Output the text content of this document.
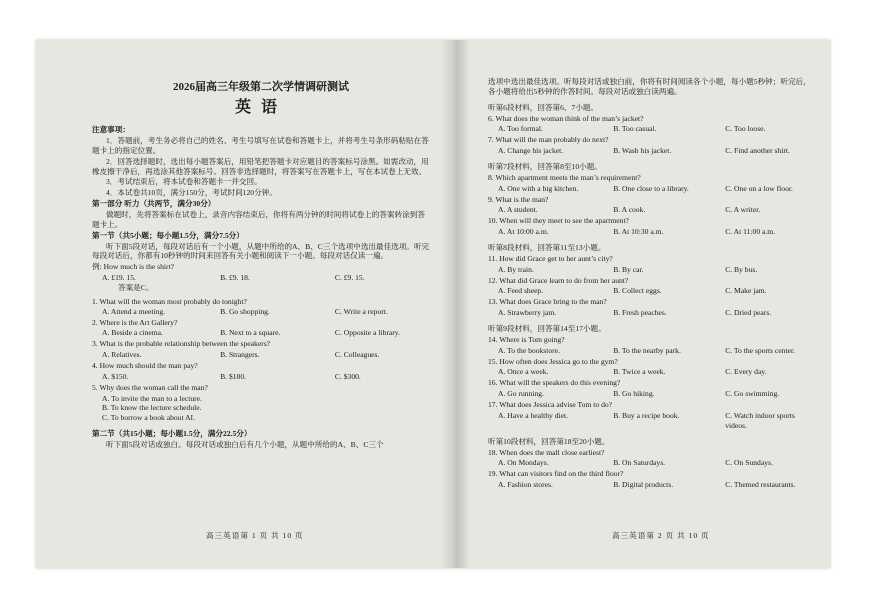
2026届高三年级第二次学情调研测试
英语
注意事项：
1．答题前，考生务必将自己的姓名、考生号填写在试卷和答题卡上，并将考生号条形码粘贴在答题卡上的指定位置。
2．回答选择题时，选出每小题答案后，用铅笔把答题卡对应题目的答案标号涂黑。如需改动，用橡皮擦干净后，再选涂其他答案标号。回答非选择题时，将答案写在答题卡上，写在本试卷上无效。
3．考试结束后，将本试卷和答题卡一并交回。
4．本试卷共10页，满分150分，考试时间120分钟。
第一部分 听力（共两节，满分30分）
做题时，先将答案标在试卷上，录音内容结束后，你将有两分钟的时间将试卷上的答案转涂到答题卡上。
第一节（共5小题；每小题1.5分，满分7.5分）
听下面5段对话，每段对话后有一个小题，从题中所给的A、B、C三个选项中选出最佳选项。听完每段对话后，你都有10秒钟的时间来回答有关小题和阅读下一小题。每段对话仅读一遍。
例: How much is the shirt?
A. £19. 15.	B. £9. 18.	C. £9. 15.
答案是C。
1. What will the woman most probably do tonight?
A. Attend a meeting.	B. Go shopping.	C. Write a report.
2. Where is the Art Gallery?
A. Beside a cinema.	B. Next to a square.	C. Opposite a library.
3. What is the probable relationship between the speakers?
A. Relatives.	B. Strangers.	C. Colleagues.
4. How much should the man pay?
A. $150.	B. $180.	C. $300.
5. Why does the woman call the man?
A. To invite the man to a lecture.
B. To know the lecture schedule.
C. To borrow a book about AI.
第二节（共15小题；每小题1.5分，满分22.5分）
听下面5段对话或独白。每段对话或独白后有几个小题，从题中所给的A、B、C三个
高三英语第 1 页 共 10 页
选项中选出最佳选项。听每段对话或独白前，你将有时间阅读各个小题，每小题5秒钟；听完后，各小题将给出5秒钟的作答时间。每段对话或独白读两遍。
听第6段材料，回答第6、7小题。
6. What does the woman think of the man’s jacket?
A. Too formal.	B. Too casual.	C. Too loose.
7. What will the man probably do next?
A. Change his jacket.	B. Wash his jacket.	C. Find another shirt.
听第7段材料，回答第8至10小题。
8. Which apartment meets the man’s requirement?
A. One with a big kitchen.	B. One close to a library.	C. One on a low floor.
9. What is the man?
A. A student.	B. A cook.	C. A writer.
10. When will they meet to see the apartment?
A. At 10:00 a.m.	B. At 10:30 a.m.	C. At 11:00 a.m.
听第8段材料，回答第11至13小题。
11. How did Grace get to her aunt’s city?
A. By train.	B. By car.	C. By bus.
12. What did Grace learn to do from her aunt?
A. Feed sheep.	B. Collect eggs.	C. Make jam.
13. What does Grace bring to the man?
A. Strawberry jam.	B. Fresh peaches.	C. Dried pears.
听第9段材料，回答第14至17小题。
14. Where is Tom going?
A. To the bookstore.	B. To the nearby park.	C. To the sports center.
15. How often does Jessica go to the gym?
A. Once a week.	B. Twice a week.	C. Every day.
16. What will the speakers do this evening?
A. Go running.	B. Go hiking.	C. Go swimming.
17. What does Jessica advise Tom to do?
A. Have a healthy diet.	B. Buy a recipe book.	C. Watch indoor sports videos.
听第10段材料，回答第18至20小题。
18. When does the mall close earliest?
A. On Mondays.	B. On Saturdays.	C. On Sundays.
19. What can visitors find on the third floor?
A. Fashion stores.	B. Digital products.	C. Themed restaurants.
高三英语第 2 页 共 10 页
